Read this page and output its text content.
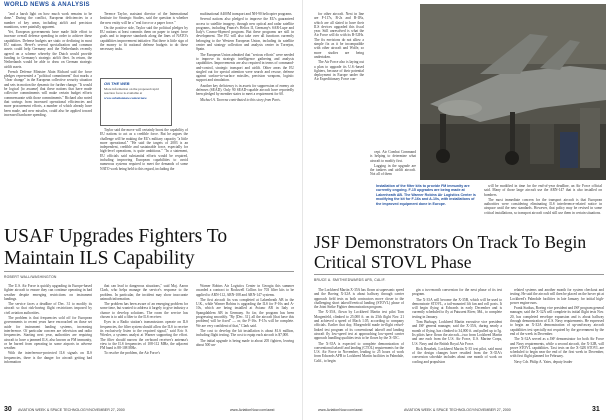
WORLD NEWS & ANALYSIS

"and a harsh light on how much work remains to be done." During the conflict, European deficiencies in a number of key areas, including airlift and precision munitions, were painfully apparent.

Yet, European governments have made little effort to increase overall defense spending in order to achieve these capabilities. Defense budgets are static or declining in most EU nations. Hervé's several specialization and common assets could help Germany and the Netherlands recently agreed on a scheme whereby the Dutch would provide funding to Germany's strategic airlift fleet. In return, the Netherlands would be able to draw on German strategic airlift assets.

French Defense Minister Alain Richard said the force pledges represented a "political commitment" that marks a "clear change" in the European collective security situation and sets in motion the dynamic for further change. "It would be logical [to assume] that these nations that have made collective commitments will make certain budget efforts commensurate with those commitments." Richard also noted that savings from increased operational efficiencies and more procurement efforts, a number of which already have been made, and new missiles, could also be applied toward increased hardware spending.

Terence Taylor, assistant director of the International Institute for Strategic Studies, said the question is whether the new entity will be a "real force or a paper force."

On the positive side, Taylor said the political pledges by EU nations at least commits them on paper to target force goals and to improve standards along the lines of NATO's capabilities improvement initiative. But there is little sign of the money to fit national defense budgets to do these necessary tasks.

ON THE WEB
More information on the proposed rapid reaction force is available at
www.aviationnow.com/avnow

Taylor said the move will certainly boost the capability of EU nations to act as a credible force. But he argues the challenge will be making the EU's military capacity "a little more operational." "He said the targets of 2003 is an independent, credible and sustainable force, especially for high-level operations, is quite ambitious." "In a statement, EU officials said substantial efforts would be required, including improving European capabilities to avoid numerous systems required to meet the demands of some NATO work being held to this regard, including the

multinational A400M transport and NH-90 helicopter programs.

Several nations also pledged to improve the EU's guaranteed access to satellite imagery, through new optical and radar satellite programs, including France's Helios II, Germany's SAR-Lupe and Italy's Cosmo-Skymed program. But these programs are still in development. The EU will also take over all functions currently belonging to the Western European Union, including its satellite center and strategy collection and analysis center in Torrejon, Spain.

The European Union admitted that "serious efforts" were needed to improve its strategic intelligence gathering and analysis capabilities. Improvements are also required in terms of command-and-control, strategic transport and airlift. Other areas the EU singled out for special attention were search and rescue, defense against surface-to-surface missiles, precision weapons, logistic support and simulation.

Another key deficiency is in assets for suppression of enemy air defenses (SEAD). Only 90 SEAD-capable aircraft have reportedly been pledged by member states to meet a requirement for 60.

Michael A. Taverna contributed to this story from Paris.

USAF Upgrades Fighters To Maintain ILS Capability
ROBERT WALL/WASHINGTON

The U.S. Air Force is quickly upgrading its Europe-based fighter aircraft to ensure they can continue operating in bad weather despite emerging restrictions on instrument landings.

The service faces a deadline of Dec. 31 to modify its aircraft so that risk-having flight restrictions imposed by civil aviation authorities.

The problem is that frequencies sold off for European governments to recent years have encroached on those set aside for instrument landing systems, increasing interference. Of particular concern are television and radio frequencies. Starting next year, authorities are requiring aircraft to have a jammed ILS, also known as FM immunity, or be barred from operating in some airports in adverse weather.

With the interference-protected ILS signals on ILS frequencies, there is the danger for aircraft getting bad information

that can lead to dangerous situations," said Maj. Aaron Clark, who helps manage the service's response to the problem. In particular, the incident may show inaccurate azimuth information.

The problem has been aware of an emerging problem for some time, but wanted to address it largely to give industry a chance to develop solutions. The room the service has chosen is to add a filter to the ILS receiver.

Eyes in a Radio station's transmissions operate on ILS frequencies, the filter system should allow the ILS to receive its exclusively listen to the required signal," said Eric S. Wiesler, a systems analyst at Warner supporting the effort. The filter should narrow the on-board receiver's antenna's view to the ILS frequencies of 108-112 MHz, the adjacent FM band is 88-108 MHz.

To resolve the problem, the Air Force's

Warner Robins Air Logistics Center in Georgia this summer awarded a contract to Rockwell Collins for 703 filter kits to be applied to ARN-112, ARN-108 and ARN-147 systems.

The first aircraft fix was completed at Lakenheath AB in the U.K., while Warner Robins is upgrading the ILS for F-16s and A-10s, which are being installed at Aviano AB in Italy or Spangdahlem AB in Germany. So far, the program has been progressing smoothly. "By [Dec. 31], all the aircraft [that have this problem] will be fixed" — or, the F-16s. F-15s will be complete. We are very confident of that," Clark said.

The cost to develop the kit installation is about $1.6 million, including flight testing. The cost to equip each aircraft is $7,000.

The initial upgrade is being made to about 205 fighters, leaving about 500 un-

30 AVIATION WEEK & SPACE TECHNOLOGY/NOVEMBER 27, 2000	www.AviationNow.com/awst

for other aircraft. Next in line are F-117s, B-2s and B-1Bs, which are all slated to have their ILS devices upgraded this fiscal year. Still unresolved is what the Air Force will do with its B-52Hs. The fix envisions do not allow a simple fix as it be incompatible with other aircraft and Wolfe, so more studies are being undertaken.

The Air Force also is laying out a plan to upgrade its U.S.-based fighters, because of their potential deployment in Europe under the Air Expeditionary Force con-

cept. Air Combat Command is helping to determine what aircraft to modify first.

Lagging in the upgrade are the tankers and airlift aircraft. Not all of them

Installation of the filter kits to provide FM immunity are currently ongoing. F-15 upgrades are being made at Lakenheath AB. The Warner Robins Air Logistics Center is modifying the kit for F-16s and A-10s, with installations of the improved equipment done in Europe.

will be modified in time for the end-of-year deadline, an Air Force official said. Many of those large aircraft use the ARN-147 that is also installed on bombers.

The most immediate concern for the transport aircraft is that European authorities were considering eliminating ILS interference-related notice in airspace until the new standards. However, that policy may be revised in some critical installations, so transport aircraft could still use them in certain situations.

JSF Demonstrators On Track To Begin Critical STOVL Phase
BRUCE A. SMITH/EDWARDS AFB, CALIF.

The Lockheed Martin X-35A has flown at supersonic speed and the Boeing X-32A is about halfway through carrier approach field tests as both contractors move closer to the challenging short takeoff/vertical landing (STOVL) phase of the Joint Strike Fighter demonstration program.

The X-35A, flown by Lockheed Martin test pilot Tom Morgenfeld, climbed to 25,000 ft. on its 25th flight Nov. 21 and achieved a speed of Mach 1.05, according to company officials. Earlier that day, Morgenfeld made in-flight refuel-linked test program of its conventional takeoff and landing aircraft fly low-speed test at approaching low-speed carrier approach handling qualities tests to be flown by the X-35C.

The X-35A is expected to complete demonstration of conventional takeoff and landing (CTOL) requirements for the U.S. Air Force in November, leading to 25 hours of work from Edwards AFB to Lockheed Martin facilities in Palmdale, Calif., to begin

gin a two-month conversion for the next phase of its test program.

The X-35A will become the X-35B, which will be used to demonstrate STOVL, a tail-mounted lift fan and roll posts. It will begin flying at Edwards in early December and is currently scheduled to fly at Patuxent River, Md., to complete testing in January.

Tom Burbage, Lockheed Martin executive vice president and JSF general manager, said the X-35A, during nearly a month of flying, has climbed to 34,000 ft. and pulled up to 5g. Its pilots have flown the aircraft—two from Lockheed Martin and one each from the U.S. Air Force, U.S. Marine Corps, U.S. Navy and the British Royal Air Force.

Rick Rezabek, Lockheed Martin X-35 test pilot, said most of the design changes have resulted from the X-35A's conversion schedule includes about one month of work on cooling and propulsion

related systems and another month for system checkout and testing. He said the aircraft will then be placed on the hover pit at Lockheed's Palmdale facilities in late January for initial high-power engine runs.

Frank Statkus, Boeing vice president and JSF program general manager, said the X-32A will complete its initial flight tests Nov. 20, has completed envelope expansion and is about halfway through demonstration of U.S. Navy requirements. He expressed to begin an X-32A demonstration of up-and-away aircraft capabilities test specially not required by the government by the end of the week in December.

The X-32A served as a JSF demonstrator for both Air Force and Navy requirements, while a second aircraft, the X-32B, will prove STOVL capabilities. Taxi tests on the X-32B STOVL are scheduled to begin near the end of the first week in December, with first flight planned for February.

Navy Cdr. Philip A. Yates, deputy leader

www.AviationNow.com/awst	AVIATION WEEK & SPACE TECHNOLOGY/NOVEMBER 27, 2000	31
